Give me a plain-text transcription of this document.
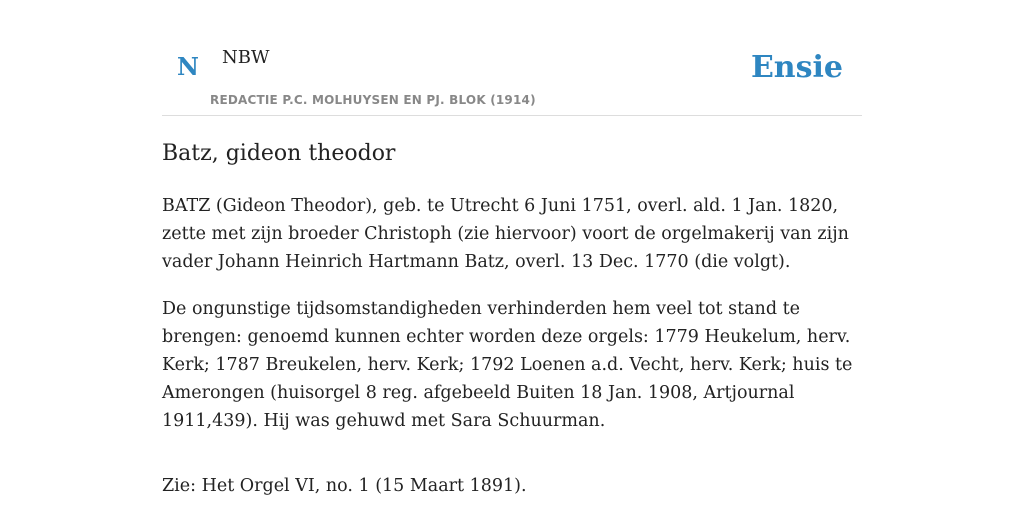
N NBW
REDACTIE P.C. MOLHUYSEN EN PJ. BLOK (1914)
Ensie
Batz, gideon theodor

BATZ (Gideon Theodor), geb. te Utrecht 6 Juni 1751, overl. ald. 1 Jan. 1820, zette met zijn broeder Christoph (zie hiervoor) voort de orgelmakerij van zijn vader Johann Heinrich Hartmann Batz, overl. 13 Dec. 1770 (die volgt).

De ongunstige tijdsomstandigheden verhinderden hem veel tot stand te brengen: genoemd kunnen echter worden deze orgels: 1779 Heukelum, herv. Kerk; 1787 Breukelen, herv. Kerk; 1792 Loenen a.d. Vecht, herv. Kerk; huis te Amerongen (huisorgel 8 reg. afgebeeld Buiten 18 Jan. 1908, Artjournal 1911,439). Hij was gehuwd met Sara Schuurman.

Zie: Het Orgel VI, no. 1 (15 Maart 1891).
